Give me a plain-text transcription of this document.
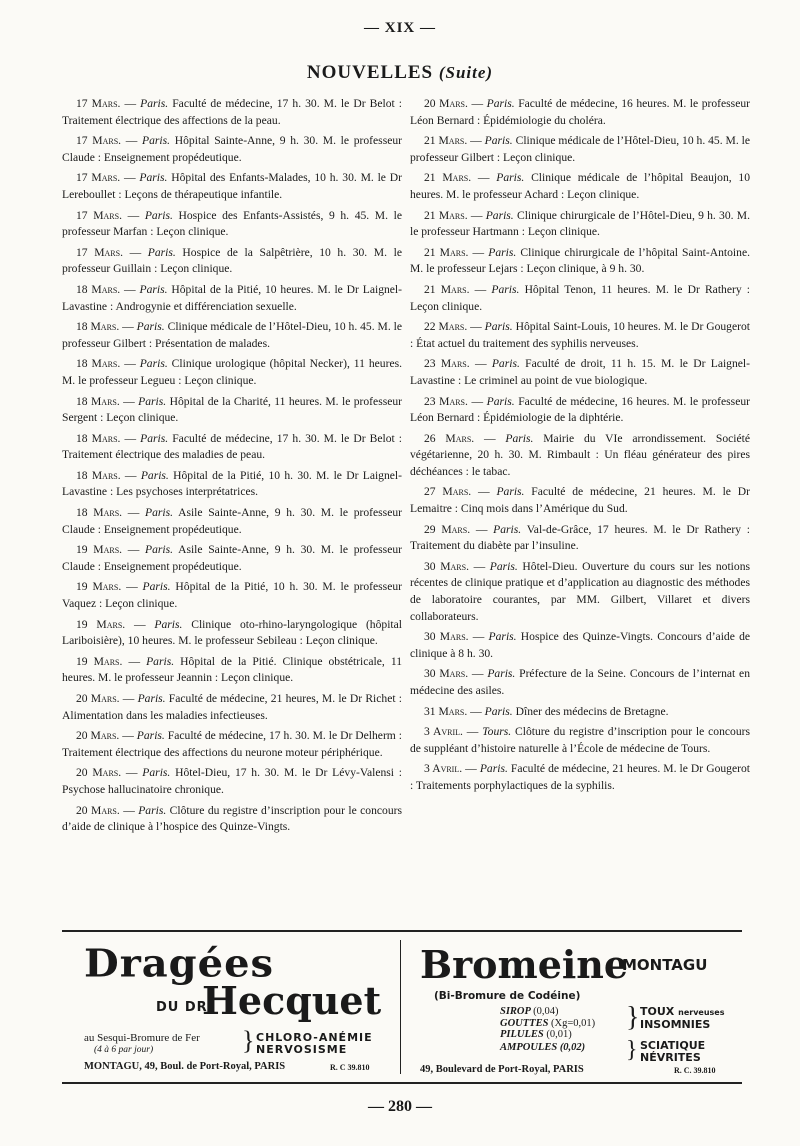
— XIX —
NOUVELLES (Suite)

17 Mars. — Paris. Faculté de médecine, 17 h. 30. M. le Dr Belot : Traitement électrique des affections de la peau.

17 Mars. — Paris. Hôpital Sainte-Anne, 9 h. 30. M. le professeur Claude : Enseignement propédeutique.

17 Mars. — Paris. Hôpital des Enfants-Malades, 10 h. 30. M. le Dr Lereboullet : Leçons de thérapeutique infantile.

17 Mars. — Paris. Hospice des Enfants-Assistés, 9 h. 45. M. le professeur Marfan : Leçon clinique.

17 Mars. — Paris. Hospice de la Salpêtrière, 10 h. 30. M. le professeur Guillain : Leçon clinique.

18 Mars. — Paris. Hôpital de la Pitié, 10 heures. M. le Dr Laignel-Lavastine : Androgynie et différenciation sexuelle.

18 Mars. — Paris. Clinique médicale de l’Hôtel-Dieu, 10 h. 45. M. le professeur Gilbert : Présentation de malades.

18 Mars. — Paris. Clinique urologique (hôpital Necker), 11 heures. M. le professeur Legueu : Leçon clinique.

18 Mars. — Paris. Hôpital de la Charité, 11 heures. M. le professeur Sergent : Leçon clinique.

18 Mars. — Paris. Faculté de médecine, 17 h. 30. M. le Dr Belot : Traitement électrique des maladies de peau.

18 Mars. — Paris. Hôpital de la Pitié, 10 h. 30. M. le Dr Laignel-Lavastine : Les psychoses interprétatrices.

18 Mars. — Paris. Asile Sainte-Anne, 9 h. 30. M. le professeur Claude : Enseignement propédeutique.

19 Mars. — Paris. Asile Sainte-Anne, 9 h. 30. M. le professeur Claude : Enseignement propédeutique.

19 Mars. — Paris. Hôpital de la Pitié, 10 h. 30. M. le professeur Vaquez : Leçon clinique.

19 Mars. — Paris. Clinique oto-rhino-laryngologique (hôpital Lariboisière), 10 heures. M. le professeur Sebileau : Leçon clinique.

19 Mars. — Paris. Hôpital de la Pitié. Clinique obstétricale, 11 heures. M. le professeur Jeannin : Leçon clinique.

20 Mars. — Paris. Faculté de médecine, 21 heures, M. le Dr Richet : Alimentation dans les maladies infectieuses.

20 Mars. — Paris. Faculté de médecine, 17 h. 30. M. le Dr Delherm : Traitement électrique des affections du neurone moteur périphérique.

20 Mars. — Paris. Hôtel-Dieu, 17 h. 30. M. le Dr Lévy-Valensi : Psychose hallucinatoire chronique.

20 Mars. — Paris. Clôture du registre d’inscription pour le concours d’aide de clinique à l’hospice des Quinze-Vingts.

20 Mars. — Paris. Faculté de médecine, 16 heures. M. le professeur Léon Bernard : Épidémiologie du choléra.

21 Mars. — Paris. Clinique médicale de l’Hôtel-Dieu, 10 h. 45. M. le professeur Gilbert : Leçon clinique.

21 Mars. — Paris. Clinique médicale de l’hôpital Beaujon, 10 heures. M. le professeur Achard : Leçon clinique.

21 Mars. — Paris. Clinique chirurgicale de l’Hôtel-Dieu, 9 h. 30. M. le professeur Hartmann : Leçon clinique.

21 Mars. — Paris. Clinique chirurgicale de l’hôpital Saint-Antoine. M. le professeur Lejars : Leçon clinique, à 9 h. 30.

21 Mars. — Paris. Hôpital Tenon, 11 heures. M. le Dr Rathery : Leçon clinique.

22 Mars. — Paris. Hôpital Saint-Louis, 10 heures. M. le Dr Gougerot : État actuel du traitement des syphilis nerveuses.

23 Mars. — Paris. Faculté de droit, 11 h. 15. M. le Dr Laignel-Lavastine : Le criminel au point de vue biologique.

23 Mars. — Paris. Faculté de médecine, 16 heures. M. le professeur Léon Bernard : Épidémiologie de la diphtérie.

26 Mars. — Paris. Mairie du VIe arrondissement. Société végétarienne, 20 h. 30. M. Rimbault : Un fléau générateur des pires déchéances : le tabac.

27 Mars. — Paris. Faculté de médecine, 21 heures. M. le Dr Lemaitre : Cinq mois dans l’Amérique du Sud.

29 Mars. — Paris. Val-de-Grâce, 17 heures. M. le Dr Rathery : Traitement du diabète par l’insuline.

30 Mars. — Paris. Hôtel-Dieu. Ouverture du cours sur les notions récentes de clinique pratique et d’application au diagnostic des méthodes de laboratoire courantes, par MM. Gilbert, Villaret et divers collaborateurs.

30 Mars. — Paris. Hospice des Quinze-Vingts. Concours d’aide de clinique à 8 h. 30.

30 Mars. — Paris. Préfecture de la Seine. Concours de l’internat en médecine des asiles.

31 Mars. — Paris. Dîner des médecins de Bretagne.

3 Avril. — Tours. Clôture du registre d’inscription pour le concours de suppléant d’histoire naturelle à l’École de médecine de Tours.

3 Avril. — Paris. Faculté de médecine, 21 heures. M. le Dr Gougerot : Traitements porphylactiques de la syphilis.

Dragées
DU DR.
Hecquet
au Sesqui-Bromure de Fer
(4 à 6 par jour)	} CHLORO-ANÉMIE
NERVOSISME
MONTAGU, 49, Boul. de Port-Royal, PARIS	R. C 39.810
Bromeine
MONTAGU
(Bi-Bromure de Codéine)
SIROP (0,04)
GOUTTES (Xg=0,01)
PILULES (0,01)
} TOUX nerveuses
INSOMNIES
AMPOULES (0,02) } SCIATIQUE
NÉVRITES
49, Boulevard de Port-Royal, PARIS	R. C. 39.810
— 280 —
